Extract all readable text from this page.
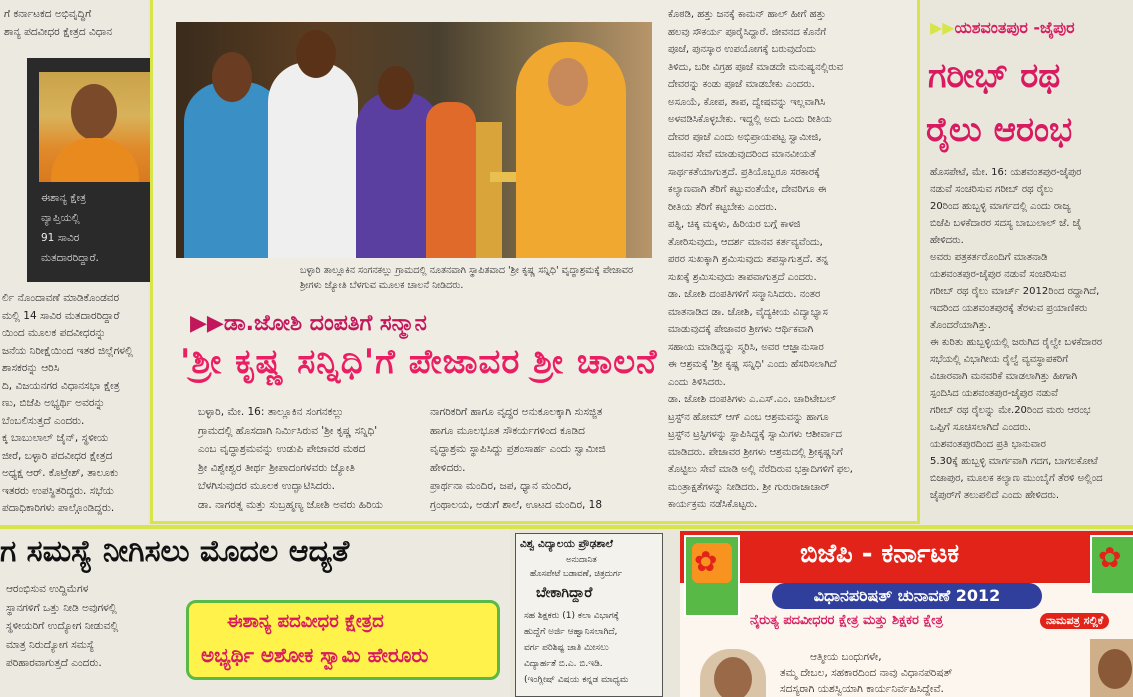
ಗೆ ಕರ್ನಾಟಕದ ಅಭಿವೃದ್ಧಿಗೆ

ಶಾನ್ಯ ಪದವೀಧರ ಕ್ಷೇತ್ರದ ವಿಧಾನ

ಈಶಾನ್ಯ ಕ್ಷೇತ್ರ

ವ್ಯಾಪ್ತಿಯಲ್ಲಿ

91 ಸಾವಿರ

ಮತದಾರರಿದ್ದಾರೆ.

ರ್ಲಿ ನೊಂದಾವಣೆ ಮಾಡಿಕೊಂಡವರ

ಮಲ್ಲಿ 14 ಸಾವಿರ ಮತದಾರರಿದ್ದಾರೆ

ಯಿಂದ ಮೂಲಕ ಪದವೀಧರನ್ನು

ಜನೆಯ ನಿರೀಕ್ಷೆಯಿಂದ ಇತರ ಜಿಲ್ಲೆಗಳಲ್ಲಿ

ಶಾಸಕರನ್ನು ಆರಿಸಿ

ದಿ, ವಿಜಯನಗರ ವಿಧಾನಸಭಾ ಕ್ಷೇತ್ರ

ಣು, ಬಿಜೆಪಿ ಅಭ್ಯರ್ಥಿ ಅವರನ್ನು

ಬೆಂಬಲಿಸುತ್ತದೆ ಎಂದರು.

ಕ್ಕ ಬಾಬುಲಾಲ್ ಜೈನ್, ಸ್ಥಳೀಯ

ಜೀರೆ, ಬಳ್ಳಾರಿ ಪದವೀಧರ ಕ್ಷೇತ್ರದ

ಅಧ್ಯಕ್ಷ ಆರ್. ಕೊಟ್ರೇಶ್, ತಾಲೂಕು

ಇತರರು ಉಪಸ್ಥಿತರಿದ್ದರು. ಸಭೆಯ

ಪದಾಧಿಕಾರಿಗಳು ಪಾಲ್ಗೊಂಡಿದ್ದರು.

ಬಳ್ಳಾರಿ ತಾಲ್ಲೂಕಿನ ಸಂಗನಕಲ್ಲು ಗ್ರಾಮದಲ್ಲಿ ನೂತನವಾಗಿ ಸ್ಥಾಪಿತವಾದ 'ಶ್ರೀ ಕೃಷ್ಣ ಸನ್ನಿಧಿ' ವೃದ್ಧಾಶ್ರಮಕ್ಕೆ ಪೇಜಾವರ ಶ್ರೀಗಳು ಜ್ಯೋತಿ ಬೆಳಗುವ ಮೂಲಕ ಚಾಲನೆ ನೀಡಿದರು.
▶▶ಡಾ.ಜೋಶಿ ದಂಪತಿಗೆ ಸನ್ಮಾನ
'ಶ್ರೀ ಕೃಷ್ಣ ಸನ್ನಿಧಿ'ಗೆ ಪೇಜಾವರ ಶ್ರೀ ಚಾಲನೆ

ಬಳ್ಳಾರಿ, ಮೇ. 16: ತಾಲ್ಲೂಕಿನ ಸಂಗನಕಲ್ಲು

ಗ್ರಾಮದಲ್ಲಿ ಹೊಸದಾಗಿ ನಿರ್ಮಿಸಿರುವ 'ಶ್ರೀ ಕೃಷ್ಣ ಸನ್ನಿಧಿ'

ಎಂಬ ವೃದ್ಧಾಶ್ರಮವನ್ನು ಉಡುಪಿ ಪೇಜಾವರ ಮಠದ

ಶ್ರೀ ವಿಶ್ವೇಶ್ವರ ತೀರ್ಥ ಶ್ರೀಪಾದಂಗಳವರು ಜ್ಯೋತಿ

ಬೆಳಗಿಸುವುದರ ಮೂಲಕ ಉದ್ಘಾಟಿಸಿದರು.

ಡಾ. ನಾಗರತ್ನ ಮತ್ತು ಸುಬ್ರಹ್ಮಣ್ಯ ಜೋಶಿ ಅವರು ಹಿರಿಯ

ನಾಗರಿಕರಿಗೆ ಹಾಗೂ ವೃದ್ಧರ ಅನುಕೂಲಕ್ಕಾಗಿ ಸುಸಜ್ಜಿತ

ಹಾಗೂ ಮೂಲಭೂತ ಸೌಕರ್ಯಗಳಿಂದ ಕೂಡಿದ

ವೃದ್ಧಾಶ್ರಮ ಸ್ಥಾಪಿಸಿದ್ದು ಪ್ರಶಂಸಾರ್ಹ ಎಂದು ಸ್ವಾಮೀಜಿ

ಹೇಳಿದರು.

ಪ್ರಾರ್ಥನಾ ಮಂದಿರ, ಜಪ, ಧ್ಯಾನ ಮಂದಿರ,

ಗ್ರಂಥಾಲಯ, ಅಡುಗೆ ಶಾಲೆ, ಊಟದ ಮಂದಿರ, 18

ಕೊಠಡಿ, ಹತ್ತು ಜನಕ್ಕೆ ಕಾಮನ್ ಹಾಲ್ ಹೀಗೆ ಹತ್ತು

ಹಲವು ಸೌಕರ್ಯ ಪೂರೈಸಿದ್ದಾರೆ. ಜೀವನದ ಕೊನೆಗೆ

ಪೂಜೆ, ಪುನಸ್ಕಾರ ಉಪಯೋಗಕ್ಕೆ ಬರುವುದೆಂದು

ತಿಳಿದು, ಬರೀ ವಿಗ್ರಹ ಪೂಜೆ ಮಾಡದೇ ಮನುಷ್ಯನಲ್ಲಿರುವ

ದೇವರನ್ನು ಕಂಡು ಪೂಜೆ ಮಾಡಬೇಕು ಎಂದರು.

ಅಸೂಯೆ, ಕೋಪ, ತಾಪ, ದ್ವೇಷವನ್ನು ಇಲ್ಲವಾಗಿಸಿ

ಅಳವಡಿಸಿಕೊಳ್ಳಬೇಕು. ಇದ್ದಲ್ಲಿ ಅದು ಒಂದು ರೀತಿಯ

ದೇವರ ಪೂಜೆ ಎಂದು ಅಭಿಪ್ರಾಯಪಟ್ಟ ಸ್ವಾಮೀಜಿ,

ಮಾನವ ಸೇವೆ ಮಾಡುವುದರಿಂದ ಮಾನವೀಯತೆ

ಸಾರ್ಥಕತೆಯಾಗುತ್ತದೆ. ಪ್ರತಿಯೊಬ್ಬರೂ ಸರಕಾರಕ್ಕೆ

ಕಲ್ಯಾಣವಾಗಿ ತೆರಿಗೆ ಕಟ್ಟುವಂತೆಯೇ, ದೇವರಿಗೂ ಈ

ರೀತಿಯ ತೆರಿಗೆ ಕಟ್ಟಬೇಕು ಎಂದರು.

ಪತ್ನಿ, ಚಿಕ್ಕ ಮಕ್ಕಳು, ಹಿರಿಯರ ಬಗ್ಗೆ ಕಾಳಜಿ

ತೋರಿಸುವುದು, ಆದರ್ಶ ಮಾನವ ಕರ್ತವ್ಯವೆಂದು,

ಪರರ ಸುಖಕ್ಕಾಗಿ ಶ್ರಮಿಸುವುದು ತಪಸ್ಸಾಗುತ್ತದೆ. ತನ್ನ

ಸುಖಕ್ಕೆ ಶ್ರಮಿಸುವುದು ತಾಪವಾಗುತ್ತದೆ ಎಂದರು.

ಡಾ. ಜೋಶಿ ದಂಪತಿಗಳಿಗೆ ಸನ್ಮಾನಿಸಿದರು. ನಂತರ

ಮಾತನಾಡಿದ ಡಾ. ಜೋಶಿ, ವೈದ್ಯಕೀಯ ವಿದ್ಯಾಭ್ಯಾಸ

ಮಾಡುವುದಕ್ಕೆ ಪೇಜಾವರ ಶ್ರೀಗಳು ಆರ್ಥಿಕವಾಗಿ

ಸಹಾಯ ಮಾಡಿದ್ದನ್ನು ಸ್ಮರಿಸಿ, ಅವರ ಆಜ್ಞಾನುಸಾರ

ಈ ಆಶ್ರಮಕ್ಕೆ 'ಶ್ರೀ ಕೃಷ್ಣ ಸನ್ನಿಧಿ' ಎಂದು ಹೆಸರಿಸಲಾಗಿದೆ

ಎಂದು ತಿಳಿಸಿದರು.

ಡಾ. ಜೋಶಿ ದಂಪತಿಗಳು ಎ.ಎಸ್.ಎಂ. ಚಾರಿಟೇಬಲ್

ಟ್ರಸ್ಟ್‌ನ ಹೋಮ್ ಆಗ್ ಎಂಬ ಆಶ್ರಮವನ್ನು ಹಾಗೂ

ಟ್ರಸ್ಟ್‌ನ ಟ್ರಸ್ಟಿಗಳನ್ನು ಸ್ಥಾಪಿಸಿದ್ದಕ್ಕೆ ಸ್ವಾಮಿಗಳು ಆಶೀರ್ವಾದ

ಮಾಡಿದರು. ಪೇಜಾವರ ಶ್ರೀಗಳು ಆಶ್ರಮದಲ್ಲಿ ಶ್ರೀಕೃಷ್ಣನಿಗೆ

ತೊಟ್ಟಿಲು ಸೇವೆ ಮಾಡಿ ಅಲ್ಲಿ ನೆರೆದಿರುವ ಭಕ್ತಾದಿಗಳಿಗೆ ಫಲ,

ಮಂತ್ರಾಕ್ಷತೆಗಳನ್ನು ನೀಡಿದರು. ಶ್ರೀ ಗುರುರಾಜಾಚಾರ್

ಕಾರ್ಯಕ್ರಮ ನಡೆಸಿಕೊಟ್ಟರು.

▶▶ಯಶವಂತಪುರ -ಜೈಪುರ
ಗರೀಭ್ ರಥ
ರೈಲು ಆರಂಭ

ಹೊಸಪೇಟೆ, ಮೇ. 16: ಯಶವಂತಪುರ-ಜೈಪುರ

ನಡುವೆ ಸಂಚರಿಸುವ ಗರೀಬ್ ರಥ ರೈಲು

20ರಿಂದ ಹುಬ್ಬಳ್ಳಿ ಮಾರ್ಗದಲ್ಲಿ ಎಂದು ರಾಜ್ಯ

ಬಿಜೆಪಿ ಬಳಕೆದಾರರ ಸದಸ್ಯ ಬಾಬುಲಾಲ್ ಜೆ. ಜೈ

ಹೇಳಿದರು.

ಅವರು ಪತ್ರಕರ್ತರೊಂದಿಗೆ ಮಾತನಾಡಿ

ಯಶವಂತಪುರ-ಜೈಪುರ ನಡುವೆ ಸಂಚರಿಸುವ

ಗರೀಬ್ ರಥ ರೈಲು ಮಾರ್ಚ್ 2012ರಿಂದ ರದ್ದಾಗಿದೆ,

ಇದರಿಂದ ಯಶವಂತಪುರಕ್ಕೆ ತೆರಳುವ ಪ್ರಯಾಣಿಕರು

ತೊಂದರೆಯಾಗಿತ್ತು.

ಈ ಕುರಿತು ಹುಬ್ಬಳ್ಳಿಯಲ್ಲಿ ಜರುಗಿದ ರೈಲ್ವೇ ಬಳಕೆದಾರರ

ಸಭೆಯಲ್ಲಿ ವಿಭಾಗೀಯ ರೈಲ್ವೆ ವ್ಯವಸ್ಥಾಪಕರಿಗೆ

ವಿಚಾರವಾಗಿ ಮನವರಿಕೆ ಮಾಡಲಾಗಿತ್ತು ಹೀಗಾಗಿ

ಸ್ಪಂದಿಸಿದ ಯಶವಂತಪುರ-ಜೈಪುರ ನಡುವೆ

ಗರೀಬ್ ರಥ ರೈಲನ್ನು ಮೇ.20ರಿಂದ ಮರು ಆರಂಭ

ಒಪ್ಪಿಗೆ ಸೂಚಿಸಲಾಗಿದೆ ಎಂದರು.

ಯಶವಂತಪುರದಿಂದ ಪ್ರತಿ ಭಾನುವಾರ

5.30ಕ್ಕೆ ಹುಬ್ಬಳ್ಳಿ ಮಾರ್ಗವಾಗಿ ಗದಗ, ಬಾಗಲಕೋಟೆ

ಬಿಜಾಪುರ, ಮೂಲಕ ಕಲ್ಯಾಣ ಮುಂಬೈಗೆ ತೆರಳಿ ಅಲ್ಲಿಂದ

ಜೈಪುರ್‌ಗೆ ತಲುಪಲಿದೆ ಎಂದು ಹೇಳಿದರು.

ಗ ಸಮಸ್ಯೆ ನೀಗಿಸಲು ಮೊದಲ ಆದ್ಯತೆ

ಆರಂಭಿಸುವ ಉದ್ದಿಮೆಗಳ

ಸ್ಥಾನಗಳಿಗೆ ಒತ್ತು ನೀಡಿ ಅವುಗಳಲ್ಲಿ

ಸ್ಥಳೀಯರಿಗೆ ಉದ್ಯೋಗ ನೀಡುವಲ್ಲಿ

ಮಾತ್ರ ನಿರುದ್ಯೋಗ ಸಮಸ್ಯೆ

ಪರಿಹಾರವಾಗುತ್ತದೆ ಎಂದರು.

ಈಶಾನ್ಯ ಪದವೀಧರ ಕ್ಷೇತ್ರದ
ಅಭ್ಯರ್ಥಿ ಅಶೋಕ ಸ್ವಾಮಿ ಹೇರೂರು
ವಿಶ್ವ ವಿದ್ಯಾಲಯ ಪ್ರೌಢಶಾಲೆ
ಅನುದಾನಿತ
ಹೊಸಪೇಟೆ ಬಡಾವಣೆ, ಚಿತ್ರದುರ್ಗ
ಬೇಕಾಗಿದ್ದಾರೆ

ಸಹ ಶಿಕ್ಷಕರು (1) ಕಲಾ ವಿಭಾಗಕ್ಕೆ

ಹುದ್ದೆಗೆ ಅರ್ಜಿ ಆಹ್ವಾನಿಸಲಾಗಿದೆ,

ವರ್ಗ ಪರಿಶಿಷ್ಟ ಜಾತಿ ಮೀಸಲು

ವಿದ್ಯಾರ್ಹತೆ ಬಿ.ಎ. ಬಿ.ಇಡಿ.

(ಇಂಗ್ಲೀಷ್ ವಿಷಯ ಕನ್ನಡ ಮಾಧ್ಯಮ

✿	ಬಿಜೆಪಿ - ಕರ್ನಾಟಕ	✿
ವಿಧಾನಪರಿಷತ್ ಚುನಾವಣೆ 2012
ನೈರುತ್ಯ ಪದವೀಧರರ ಕ್ಷೇತ್ರ ಮತ್ತು ಶಿಕ್ಷಕರ ಕ್ಷೇತ್ರ	ನಾಮಪತ್ರ ಸಲ್ಲಿಕೆ

ಆತ್ಮೀಯ ಬಂಧುಗಳೇ,

ತಮ್ಮ ದೇಬಲ, ಸಹಕಾರದಿಂದ ನಾವು ವಿಧಾನಪರಿಷತ್

ಸದಸ್ಯರಾಗಿ ಯಶಸ್ವಿಯಾಗಿ ಕಾರ್ಯನಿರ್ವಹಿಸಿದ್ದೇವೆ.
